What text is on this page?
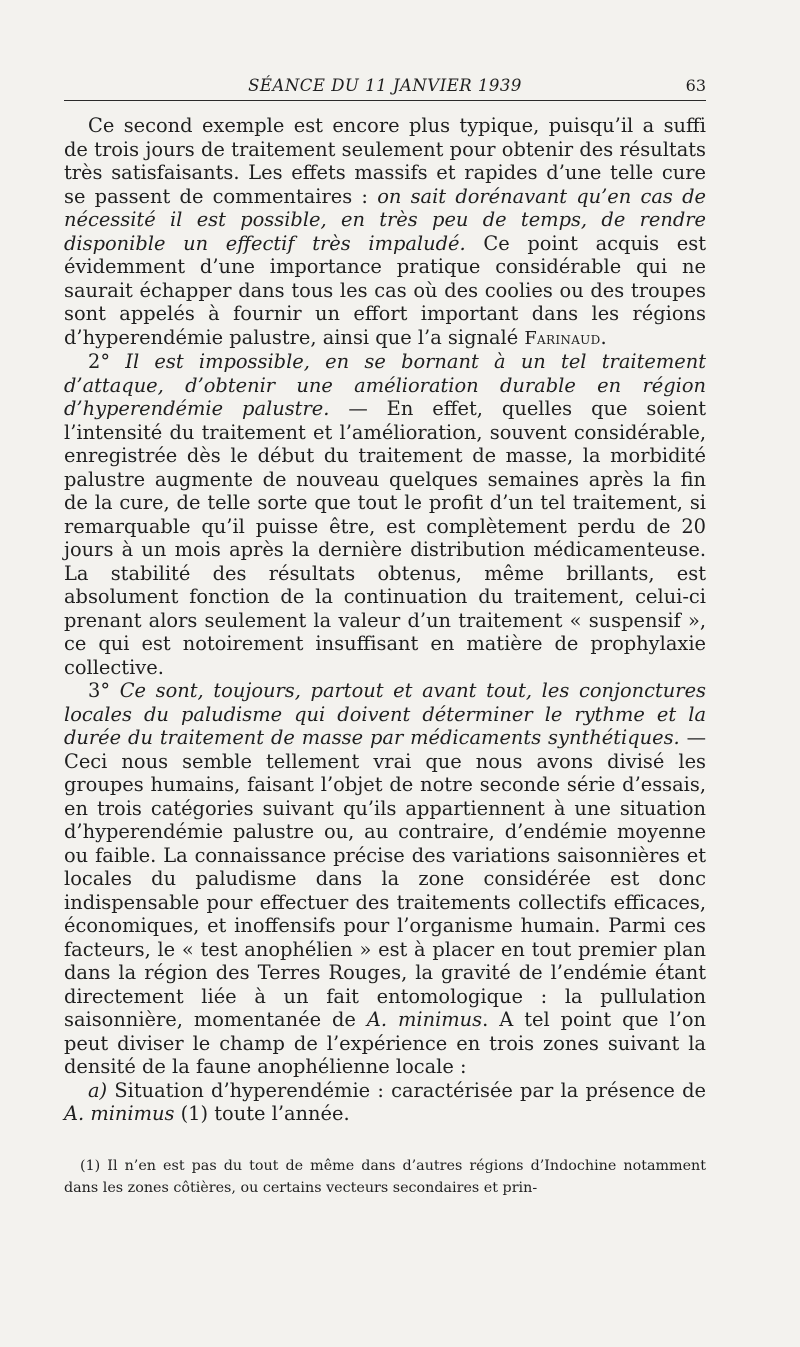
SÉANCE DU 11 JANVIER 1939	63

Ce second exemple est encore plus typique, puisqu’il a suffi de trois jours de traitement seulement pour obtenir des résultats très satisfaisants. Les effets massifs et rapides d’une telle cure se passent de commentaires : on sait dorénavant qu’en cas de nécessité il est possible, en très peu de temps, de rendre disponible un effectif très impaludé. Ce point acquis est évidemment d’une importance pratique considérable qui ne saurait échapper dans tous les cas où des coolies ou des troupes sont appelés à fournir un effort important dans les régions d’hyperendémie palustre, ainsi que l’a signalé Farinaud.

2° Il est impossible, en se bornant à un tel traitement d’attaque, d’obtenir une amélioration durable en région d’hyperendémie palustre. — En effet, quelles que soient l’intensité du traitement et l’amélioration, souvent considérable, enregistrée dès le début du traitement de masse, la morbidité palustre augmente de nouveau quelques semaines après la fin de la cure, de telle sorte que tout le profit d’un tel traitement, si remarquable qu’il puisse être, est complètement perdu de 20 jours à un mois après la dernière distribution médicamenteuse. La stabilité des résultats obtenus, même brillants, est absolument fonction de la continuation du traitement, celui-ci prenant alors seulement la valeur d’un traitement « suspensif », ce qui est notoirement insuffisant en matière de prophylaxie collective.

3° Ce sont, toujours, partout et avant tout, les conjonctures locales du paludisme qui doivent déterminer le rythme et la durée du traitement de masse par médicaments synthétiques. — Ceci nous semble tellement vrai que nous avons divisé les groupes humains, faisant l’objet de notre seconde série d’essais, en trois catégories suivant qu’ils appartiennent à une situation d’hyperendémie palustre ou, au contraire, d’endémie moyenne ou faible. La connaissance précise des variations saisonnières et locales du paludisme dans la zone considérée est donc indispensable pour effectuer des traitements collectifs efficaces, économiques, et inoffensifs pour l’organisme humain. Parmi ces facteurs, le « test anophélien » est à placer en tout premier plan dans la région des Terres Rouges, la gravité de l’endémie étant directement liée à un fait entomologique : la pullulation saisonnière, momentanée de A. minimus. A tel point que l’on peut diviser le champ de l’expérience en trois zones suivant la densité de la faune anophélienne locale :

a) Situation d’hyperendémie : caractérisée par la présence de A. minimus (1) toute l’année.

(1) Il n’en est pas du tout de même dans d’autres régions d’Indochine notamment dans les zones côtières, ou certains vecteurs secondaires et prin-
